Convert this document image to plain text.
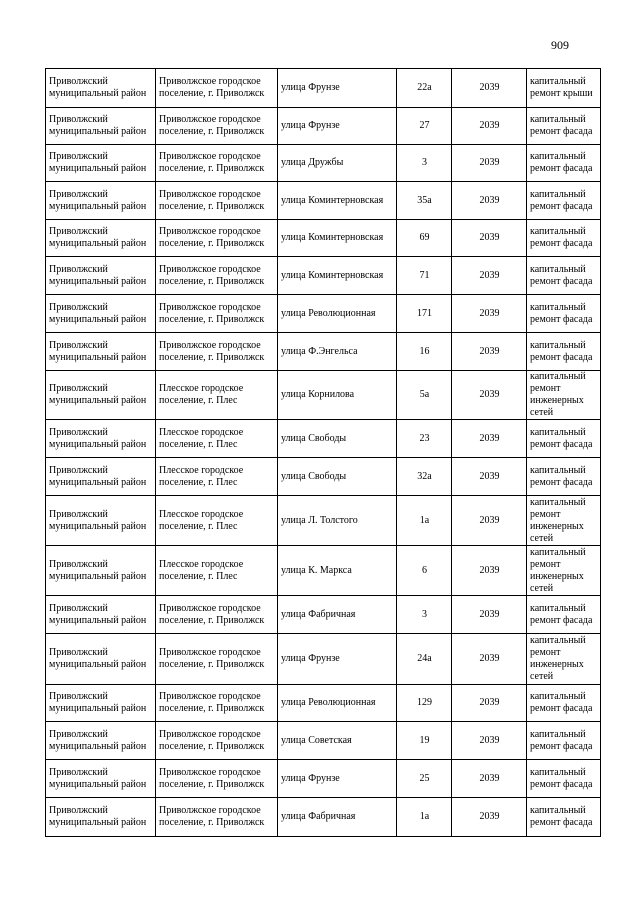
909
Приволжский муниципальный район	Приволжское городское поселение, г. Приволжск	улица Фрунзе	22а	2039	капитальный ремонт крыши
Приволжский муниципальный район	Приволжское городское поселение, г. Приволжск	улица Фрунзе	27	2039	капитальный ремонт фасада
Приволжский муниципальный район	Приволжское городское поселение, г. Приволжск	улица Дружбы	3	2039	капитальный ремонт фасада
Приволжский муниципальный район	Приволжское городское поселение, г. Приволжск	улица Коминтерновская	35а	2039	капитальный ремонт фасада
Приволжский муниципальный район	Приволжское городское поселение, г. Приволжск	улица Коминтерновская	69	2039	капитальный ремонт фасада
Приволжский муниципальный район	Приволжское городское поселение, г. Приволжск	улица Коминтерновская	71	2039	капитальный ремонт фасада
Приволжский муниципальный район	Приволжское городское поселение, г. Приволжск	улица Революционная	171	2039	капитальный ремонт фасада
Приволжский муниципальный район	Приволжское городское поселение, г. Приволжск	улица Ф.Энгельса	16	2039	капитальный ремонт фасада
Приволжский муниципальный район	Плесское городское поселение, г. Плес	улица Корнилова	5а	2039	капитальный ремонт инженерных сетей
Приволжский муниципальный район	Плесское городское поселение, г. Плес	улица Свободы	23	2039	капитальный ремонт фасада
Приволжский муниципальный район	Плесское городское поселение, г. Плес	улица Свободы	32а	2039	капитальный ремонт фасада
Приволжский муниципальный район	Плесское городское поселение, г. Плес	улица Л. Толстого	1а	2039	капитальный ремонт инженерных сетей
Приволжский муниципальный район	Плесское городское поселение, г. Плес	улица К. Маркса	6	2039	капитальный ремонт инженерных сетей
Приволжский муниципальный район	Приволжское городское поселение, г. Приволжск	улица Фабричная	3	2039	капитальный ремонт фасада
Приволжский муниципальный район	Приволжское городское поселение, г. Приволжск	улица Фрунзе	24а	2039	капитальный ремонт инженерных сетей
Приволжский муниципальный район	Приволжское городское поселение, г. Приволжск	улица Революционная	129	2039	капитальный ремонт фасада
Приволжский муниципальный район	Приволжское городское поселение, г. Приволжск	улица Советская	19	2039	капитальный ремонт фасада
Приволжский муниципальный район	Приволжское городское поселение, г. Приволжск	улица Фрунзе	25	2039	капитальный ремонт фасада
Приволжский муниципальный район	Приволжское городское поселение, г. Приволжск	улица Фабричная	1а	2039	капитальный ремонт фасада
